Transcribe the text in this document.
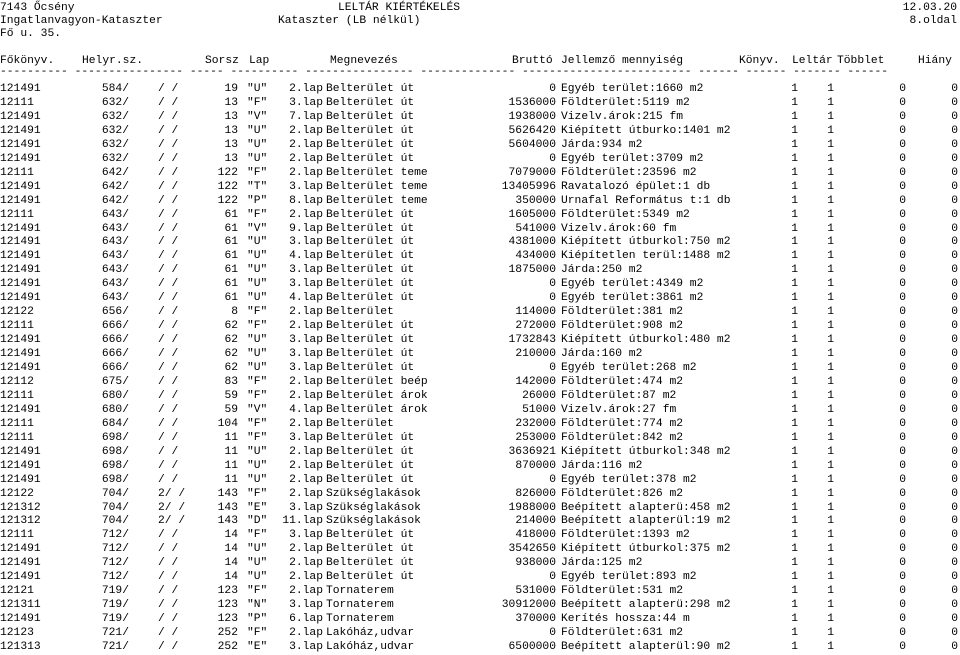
7143 Őcsény	LELTÁR KIÉRTÉKELÉS	12.03.20
Ingatlanvagyon-Kataszter	Kataszter (LB nélkül)	8.oldal
Fő u. 35.
Főkönyv. Helyr.sz.	Sorsz Lap	Megnevezés	Bruttó Jellemző mennyiség	Könyv. Leltár Többlet	Hiány
---------- ---------------- ----- ---------- ---------------- -------------- ------------------------- ------ ------ ------- ------
121491	584/	/ /	19 "U" 2.lap Belterület út	0 Egyéb terület:1660 m2	1	1	0	0
12111	632/	/ /	13 "F" 3.lap Belterület út	1536000 Földterület:5119 m2	1	1	0	0
121491	632/	/ /	13 "V" 7.lap Belterület út	1938000 Vizelv.árok:215 fm	1	1	0	0
121491	632/	/ /	13 "U" 2.lap Belterület út	5626420 Kiépített útburko:1401 m2	1	1	0	0
121491	632/	/ /	13 "U" 2.lap Belterület út	5604000 Járda:934 m2	1	1	0	0
121491	632/	/ /	13 "U" 2.lap Belterület út	0 Egyéb terület:3709 m2	1	1	0	0
12111	642/	/ /	122 "F" 2.lap Belterület teme	7079000 Földterület:23596 m2	1	1	0	0
121491	642/	/ /	122 "T" 3.lap Belterület teme	13405996 Ravatalozó épület:1 db	1	1	0	0
121491	642/	/ /	122 "P" 8.lap Belterület teme	350000 Urnafal Református t:1 db	1	1	0	0
12111	643/	/ /	61 "F" 2.lap Belterület út	1605000 Földterület:5349 m2	1	1	0	0
121491	643/	/ /	61 "V" 9.lap Belterület út	541000 Vizelv.árok:60 fm	1	1	0	0
121491	643/	/ /	61 "U" 3.lap Belterület út	4381000 Kiépített útburkol:750 m2	1	1	0	0
121491	643/	/ /	61 "U" 4.lap Belterület út	434000 Kiépítetlen terül:1488 m2	1	1	0	0
121491	643/	/ /	61 "U" 3.lap Belterület út	1875000 Járda:250 m2	1	1	0	0
121491	643/	/ /	61 "U" 3.lap Belterület út	0 Egyéb terület:4349 m2	1	1	0	0
121491	643/	/ /	61 "U" 4.lap Belterület út	0 Egyéb terület:3861 m2	1	1	0	0
12122	656/	/ /	8 "F" 2.lap Belterület	114000 Földterület:381 m2	1	1	0	0
12111	666/	/ /	62 "F" 2.lap Belterület út	272000 Földterület:908 m2	1	1	0	0
121491	666/	/ /	62 "U" 3.lap Belterület út	1732843 Kiépített útburkol:480 m2	1	1	0	0
121491	666/	/ /	62 "U" 3.lap Belterület út	210000 Járda:160 m2	1	1	0	0
121491	666/	/ /	62 "U" 3.lap Belterület út	0 Egyéb terület:268 m2	1	1	0	0
12112	675/	/ /	83 "F" 2.lap Belterület beép	142000 Földterület:474 m2	1	1	0	0
12111	680/	/ /	59 "F" 2.lap Belterület árok	26000 Földterület:87 m2	1	1	0	0
121491	680/	/ /	59 "V" 4.lap Belterület árok	51000 Vizelv.árok:27 fm	1	1	0	0
12111	684/	/ /	104 "F" 2.lap Belterület	232000 Földterület:774 m2	1	1	0	0
12111	698/	/ /	11 "F" 3.lap Belterület út	253000 Földterület:842 m2	1	1	0	0
121491	698/	/ /	11 "U" 2.lap Belterület út	3636921 Kiépített útburkol:348 m2	1	1	0	0
121491	698/	/ /	11 "U" 2.lap Belterület út	870000 Járda:116 m2	1	1	0	0
121491	698/	/ /	11 "U" 2.lap Belterület út	0 Egyéb terület:378 m2	1	1	0	0
12122	704/	2/ /	143 "F" 2.lap Szükséglakások	826000 Földterület:826 m2	1	1	0	0
121312	704/	2/ /	143 "E" 3.lap Szükséglakások	1988000 Beépített alapterü:458 m2	1	1	0	0
121312	704/	2/ /	143 "D" 11.lap Szükséglakások	214000 Beépített alapterül:19 m2	1	1	0	0
12111	712/	/ /	14 "F" 3.lap Belterület út	418000 Földterület:1393 m2	1	1	0	0
121491	712/	/ /	14 "U" 2.lap Belterület út	3542650 Kiépített útburkol:375 m2	1	1	0	0
121491	712/	/ /	14 "U" 2.lap Belterület út	938000 Járda:125 m2	1	1	0	0
121491	712/	/ /	14 "U" 2.lap Belterület út	0 Egyéb terület:893 m2	1	1	0	0
12121	719/	/ /	123 "F" 2.lap Tornaterem	531000 Földterület:531 m2	1	1	0	0
121311	719/	/ /	123 "N" 3.lap Tornaterem	30912000 Beépített alapterü:298 m2	1	1	0	0
121491	719/	/ /	123 "P" 6.lap Tornaterem	370000 Kerítés hossza:44 m	1	1	0	0
12123	721/	/ /	252 "F" 2.lap Lakóház,udvar	0 Földterület:631 m2	1	1	0	0
121313	721/	/ /	252 "E" 3.lap Lakóház,udvar	6500000 Beépített alapterül:90 m2	1	1	0	0
